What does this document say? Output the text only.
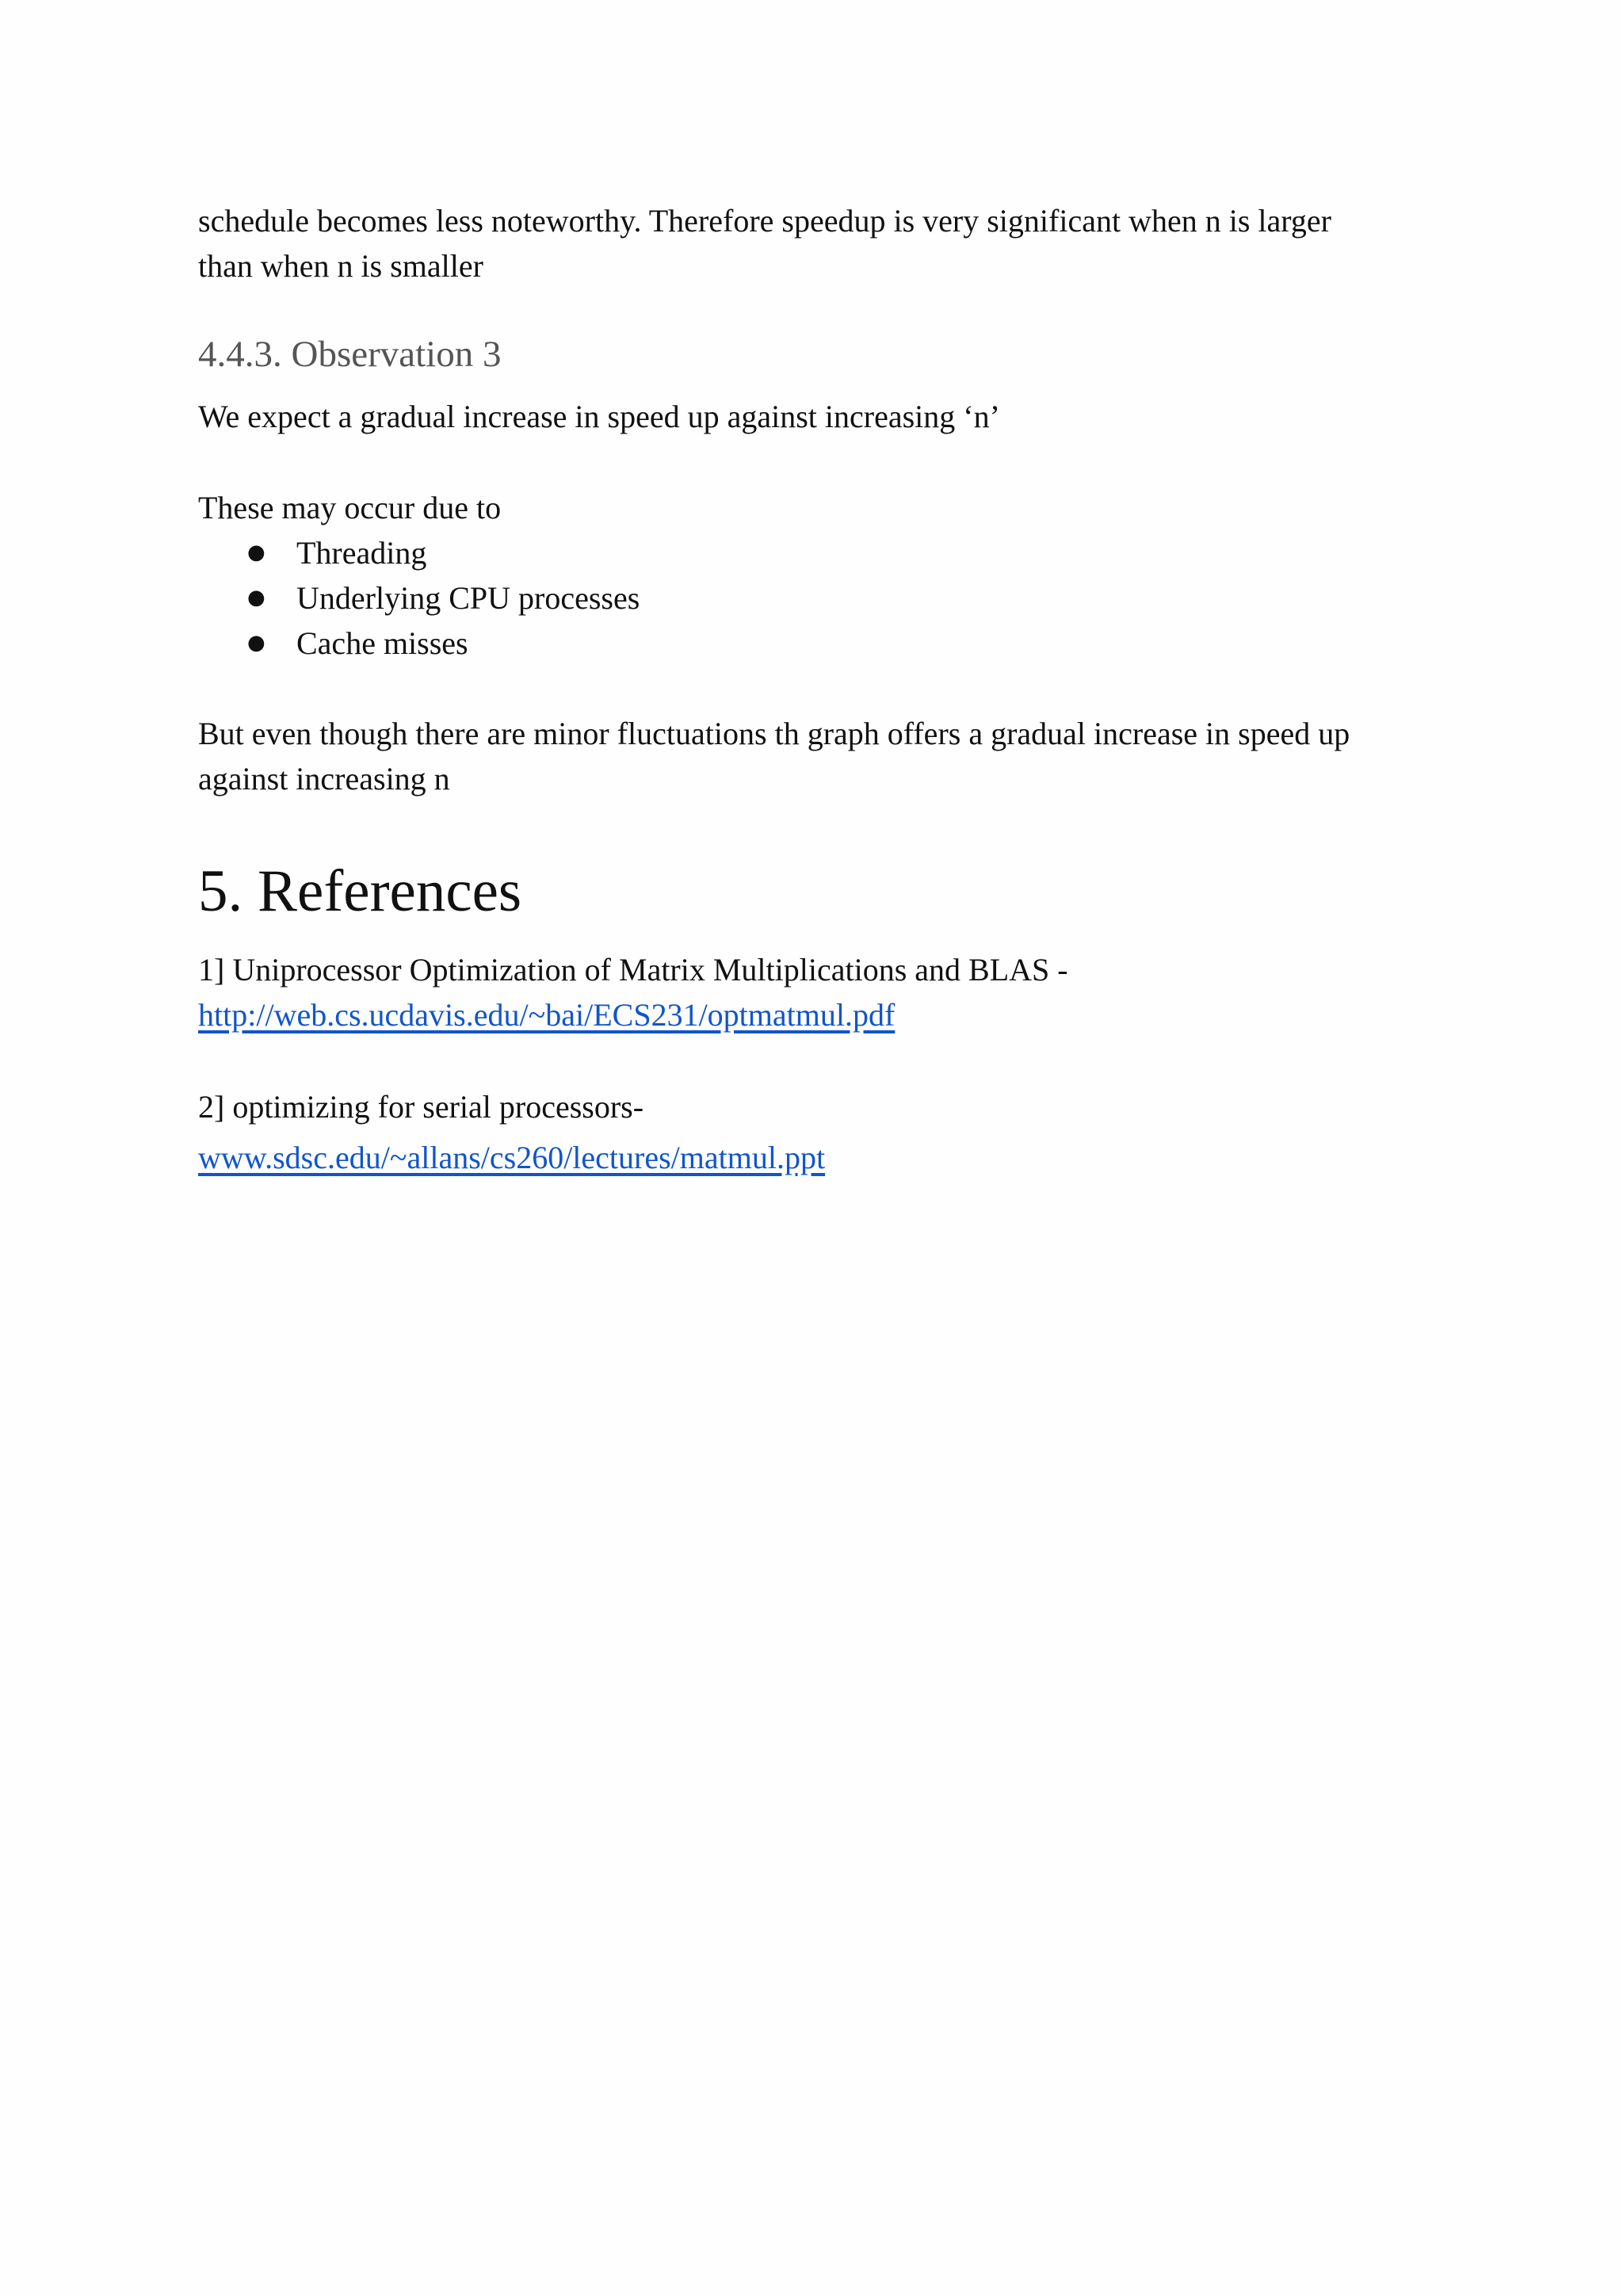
schedule becomes less noteworthy. Therefore speedup is very significant when n is larger

than when n is smaller

4.4.3. Observation 3

We expect a gradual increase in speed up against increasing ‘n’

These may occur due to

● Threading
● Underlying CPU processes
● Cache misses

But even though there are minor fluctuations th graph offers a gradual increase in speed up

against increasing n

5. References

1] Uniprocessor Optimization of Matrix Multiplications and BLAS -

http://web.cs.ucdavis.edu/~bai/ECS231/optmatmul.pdf

2] optimizing for serial processors-

www.sdsc.edu/~allans/cs260/lectures/matmul.ppt
